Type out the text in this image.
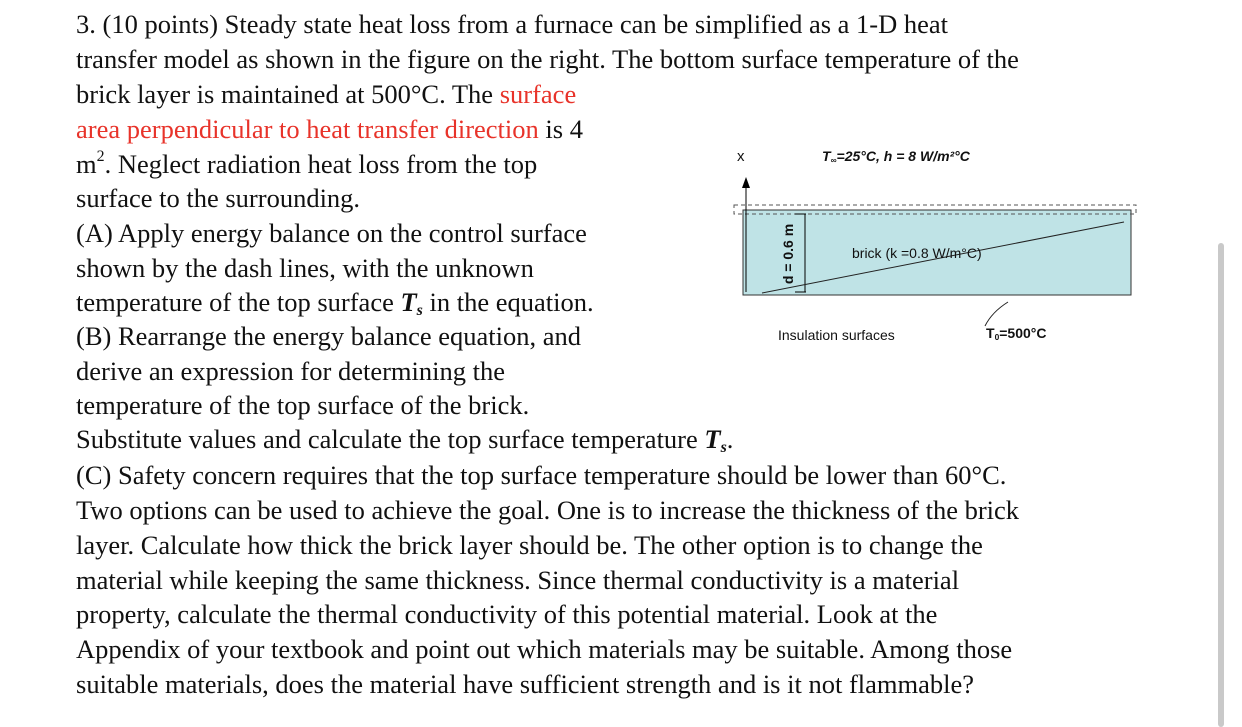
3. (10 points) Steady state heat loss from a furnace can be simplified as a 1-D heat
transfer model as shown in the figure on the right. The bottom surface temperature of the
brick layer is maintained at 500°C. The surface
area perpendicular to heat transfer direction is 4
$m^2$. Neglect radiation heat loss from the top
surface to the surrounding.
(A) Apply energy balance on the control surface
shown by the dash lines, with the unknown
temperature of the top surface $T_s$ in the equation.
(B) Rearrange the energy balance equation, and
derive an expression for determining the
temperature of the top surface of the brick.
Substitute values and calculate the top surface temperature $T_s$.
(C) Safety concern requires that the top surface temperature should be lower than 60°C.
Two options can be used to achieve the goal. One is to increase the thickness of the brick
layer. Calculate how thick the brick layer should be. The other option is to change the
material while keeping the same thickness. Since thermal conductivity is a material
property, calculate the thermal conductivity of this potential material. Look at the
Appendix of your textbook and point out which materials may be suitable. Among those
suitable materials, does the material have sufficient strength and is it not flammable?
x	$T_\infty=25^\circ C$, h = 8 W/m²°C
brick (k =0.8 W/m°C)
d = 0.6 m
Insulation surfaces	$T_0=500^\circ C$
